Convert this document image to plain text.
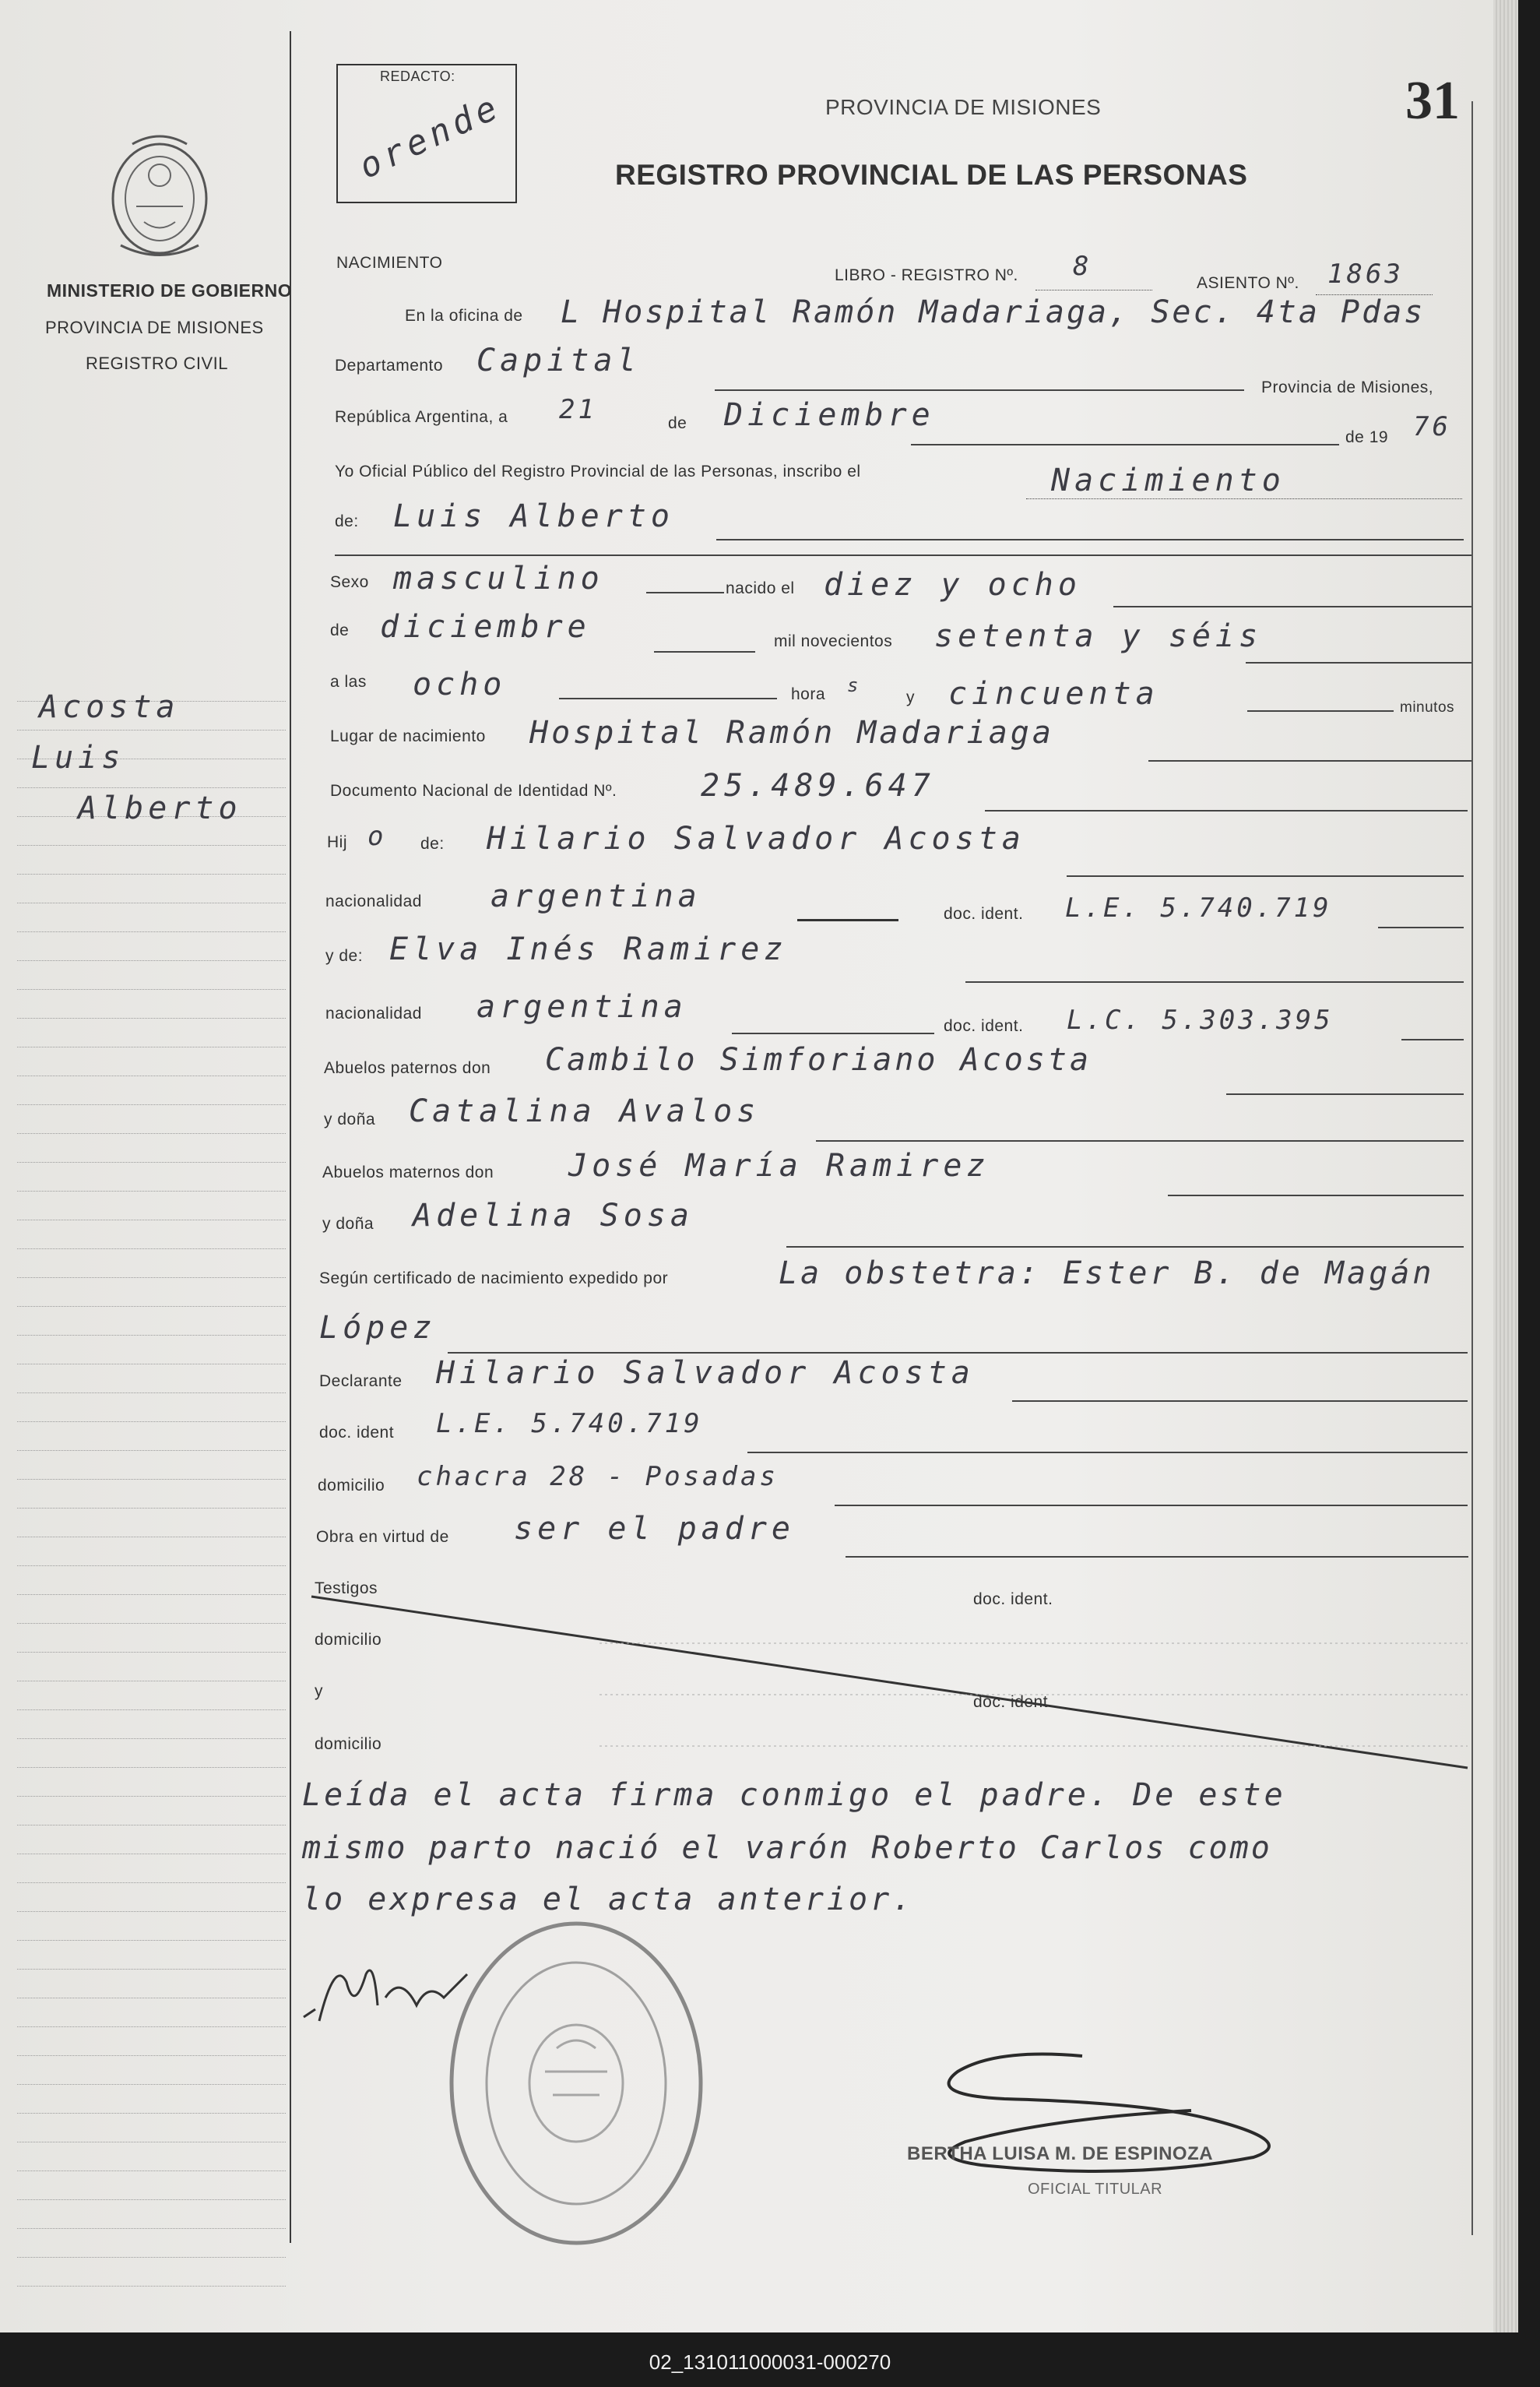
MINISTERIO DE GOBIERNO
PROVINCIA DE MISIONES
REGISTRO CIVIL
Acosta
Luis
Alberto
REDACTO:
orende	PROVINCIA DE MISIONES
REGISTRO PROVINCIAL DE LAS PERSONAS
31
NACIMIENTO
LIBRO - REGISTRO Nº. 8
ASIENTO Nº. 1863
En la oficina de L Hospital Ramón Madariaga, Sec. 4ta Pdas
Departamento Capital
Provincia de Misiones,
República Argentina, a 21	de Diciembre
de 19 76
Yo Oficial Público del Registro Provincial de las Personas, inscribo el	Nacimiento
de: Luis Alberto
Sexo masculino	nacido el diez y ocho
de diciembre	mil novecientos setenta y séis
a las ocho	hora s
y cincuenta	minutos
Lugar de nacimiento Hospital Ramón Madariaga
Documento Nacional de Identidad Nº.	25.489.647
Hij o de: Hilario Salvador Acosta
nacionalidad argentina	doc. ident. L.E. 5.740.719
y de: Elva Inés Ramirez
nacionalidad argentina
doc. ident. L.C. 5.303.395
Abuelos paternos don Cambilo Simforiano Acosta
y doña Catalina Avalos
Abuelos maternos don José María Ramirez
y doña Adelina Sosa
Según certificado de nacimiento expedido por	La obstetra: Ester B. de Magán
López
Declarante Hilario Salvador Acosta
doc. ident L.E. 5.740.719
domicilio chacra 28 - Posadas
Obra en virtud de ser el padre
Testigos
doc. ident.
domicilio
y
doc. ident.
domicilio
Leída el acta firma conmigo el padre. De este
mismo parto nació el varón Roberto Carlos como
lo expresa el acta anterior.
BERTHA LUISA M. DE ESPINOZA
OFICIAL TITULAR
02_131011000031-000270
